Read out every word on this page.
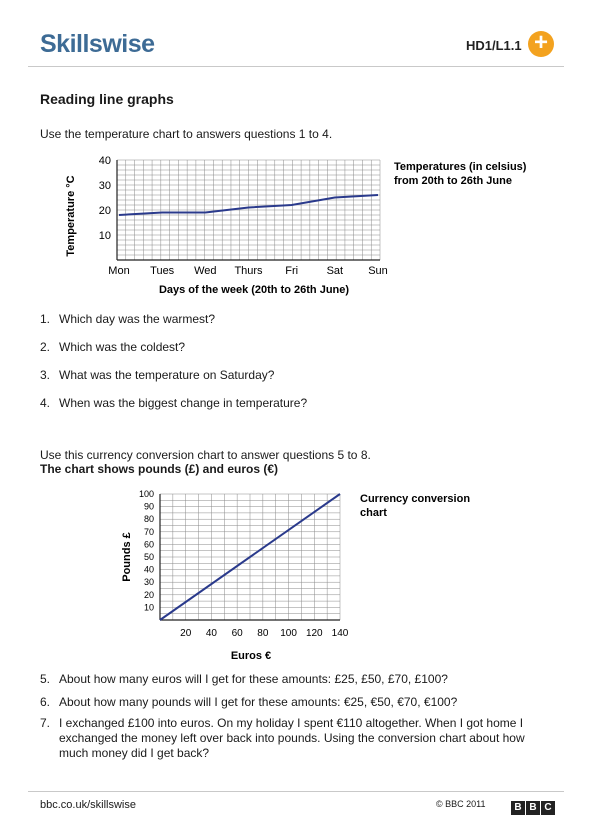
Skillswise	HD1/L1.1 +
Reading line graphs
Use the temperature chart to answers questions 1 to 4.
10
20
30
40
Mon Tues Wed Thurs Fri	Sat Sun
Days of the week (20th to 26th June)
Temperature °C
Temperatures (in celsius)
from 20th to 26th June
1. Which day was the warmest?
2. Which was the coldest?
3. What was the temperature on Saturday?
4. When was the biggest change in temperature?
Use this currency conversion chart to answer questions 5 to 8.
The chart shows pounds (£) and euros (€)
10
20
30
40
50
60
70
80
90
100
20 40 60 80 100 120 140
Euros €
Pounds £
Currency conversion
chart
5. About how many euros will I get for these amounts: £25, £50, £70, £100?
6. About how many pounds will I get for these amounts: €25, €50, €70, €100?
7. I exchanged £100 into euros. On my holiday I spent €110 altogether. When I got home I exchanged the money left over back into pounds. Using the conversion chart about how much money did I get back?
bbc.co.uk/skillswise	© BBC 2011	B B C
